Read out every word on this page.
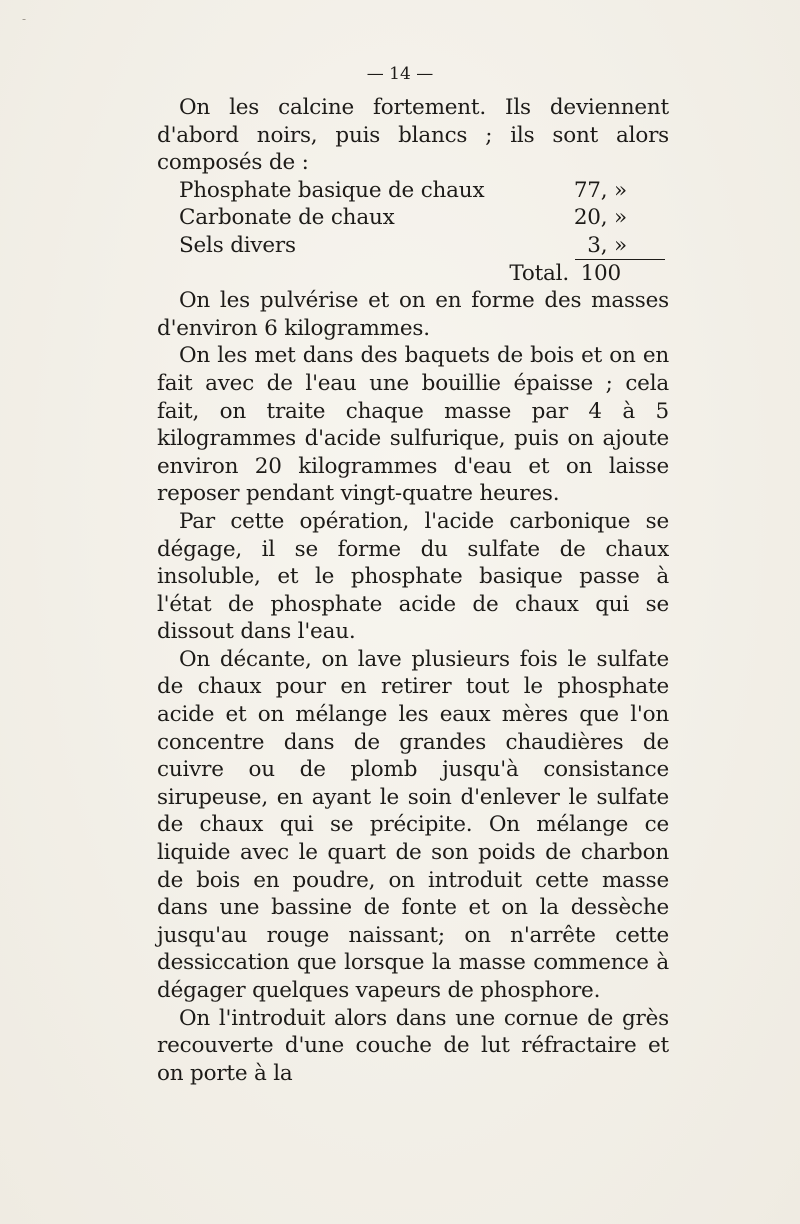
-
— 14 —

On les calcine fortement. Ils deviennent d'abord noirs, puis blancs ; ils sont alors composés de :

Phosphate basique de chaux	77, »
Carbonate de chaux	20, »
Sels divers	3, »
Total. 100

On les pulvérise et on en forme des masses d'environ 6 kilogrammes.

On les met dans des baquets de bois et on en fait avec de l'eau une bouillie épaisse ; cela fait, on traite chaque masse par 4 à 5 kilogrammes d'acide sulfurique, puis on ajoute environ 20 kilogrammes d'eau et on laisse reposer pendant vingt-quatre heures.

Par cette opération, l'acide carbonique se dégage, il se forme du sulfate de chaux insoluble, et le phosphate basique passe à l'état de phosphate acide de chaux qui se dissout dans l'eau.

On décante, on lave plusieurs fois le sulfate de chaux pour en retirer tout le phosphate acide et on mélange les eaux mères que l'on concentre dans de grandes chaudières de cuivre ou de plomb jusqu'à consistance sirupeuse, en ayant le soin d'enlever le sulfate de chaux qui se précipite. On mélange ce liquide avec le quart de son poids de charbon de bois en poudre, on introduit cette masse dans une bassine de fonte et on la dessèche jusqu'au rouge naissant; on n'arrête cette dessiccation que lorsque la masse commence à dégager quelques vapeurs de phosphore.

On l'introduit alors dans une cornue de grès recouverte d'une couche de lut réfractaire et on porte à la
